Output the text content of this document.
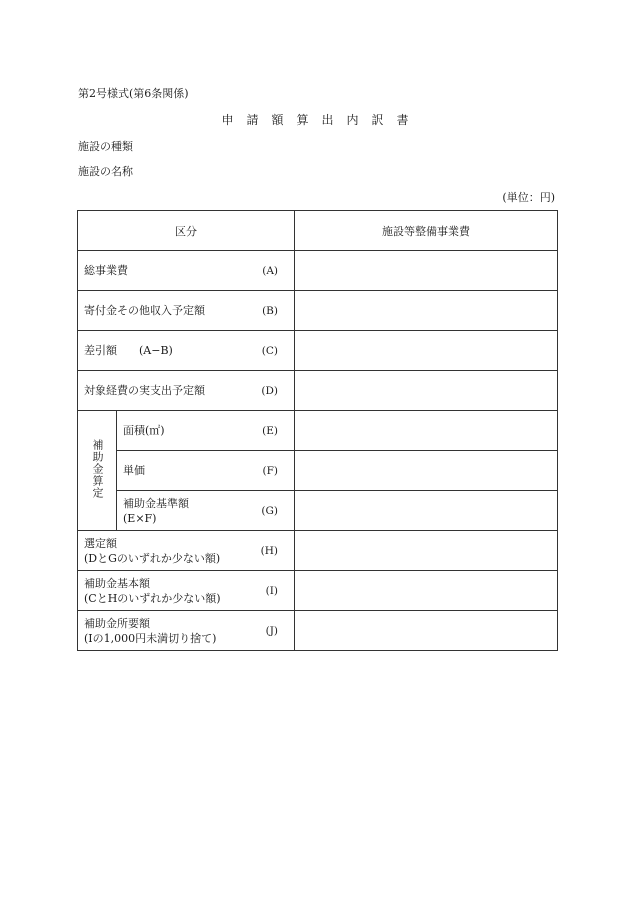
第2号様式(第6条関係)
申請額算出内訳書
施設の種類
施設の名称
(単位：円)
区分		施設等整備事業費

総事業費 (A)		

寄付金その他収入予定額 (B)		

差引額　　(A−B) (C)		

対象経費の実支出予定額 (D)		

補助金算定	面積(㎡) (E)	

	単価 (F)	

	補助金基準額
(E×F)
(G)	

選定額
(DとGのいずれか少ない額)
(H)		

補助金基本額
(CとHのいずれか少ない額)
(I)		

補助金所要額
(Iの1,000円未満切り捨て)
(J)		
